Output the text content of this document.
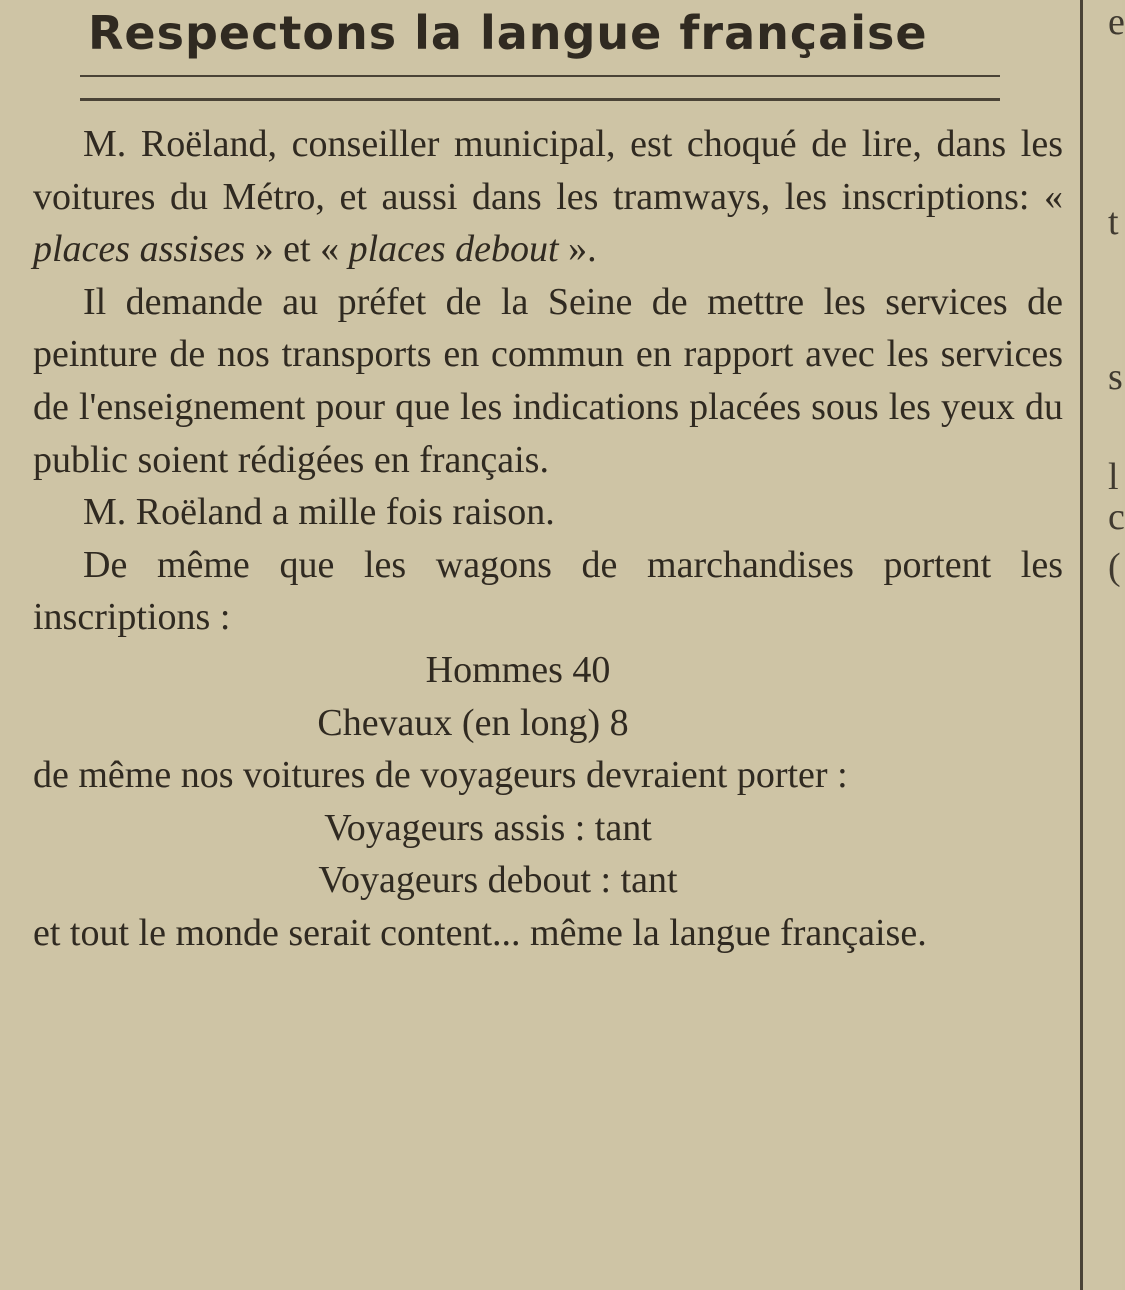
Respectons la langue française

M. Roëland, conseiller municipal, est choqué de lire, dans les voitures du Métro, et aussi dans les tramways, les inscriptions: « places assises » et « places debout ».

Il demande au préfet de la Seine de mettre les services de peinture de nos transports en commun en rapport avec les services de l'enseignement pour que les indications placées sous les yeux du public soient rédigées en français.

M. Roëland a mille fois raison.

De même que les wagons de marchandises portent les inscriptions :

Hommes 40

Chevaux (en long) 8

de même nos voitures de voyageurs devraient porter :

Voyageurs assis : tant

Voyageurs debout : tant

et tout le monde serait content... même la langue française.

e
t
s
l
c
(
